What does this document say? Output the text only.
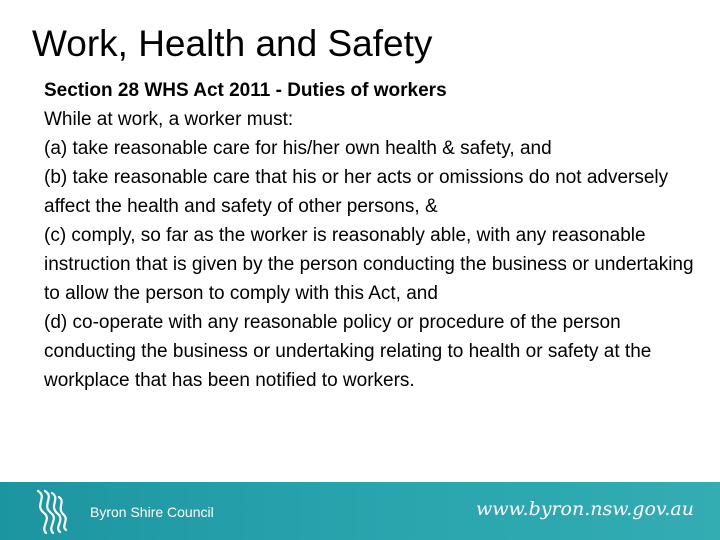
Work, Health and Safety

Section 28 WHS Act 2011 - Duties of workers

While at work, a worker must:

(a) take reasonable care for his/her own health & safety, and

(b) take reasonable care that his or her acts or omissions do not adversely affect the health and safety of other persons, &

(c) comply, so far as the worker is reasonably able, with any reasonable instruction that is given by the person conducting the business or undertaking to allow the person to comply with this Act, and

(d) co-operate with any reasonable policy or procedure of the person conducting the business or undertaking relating to health or safety at the workplace that has been notified to workers.

Byron Shire Council	www.byron.nsw.gov.au
